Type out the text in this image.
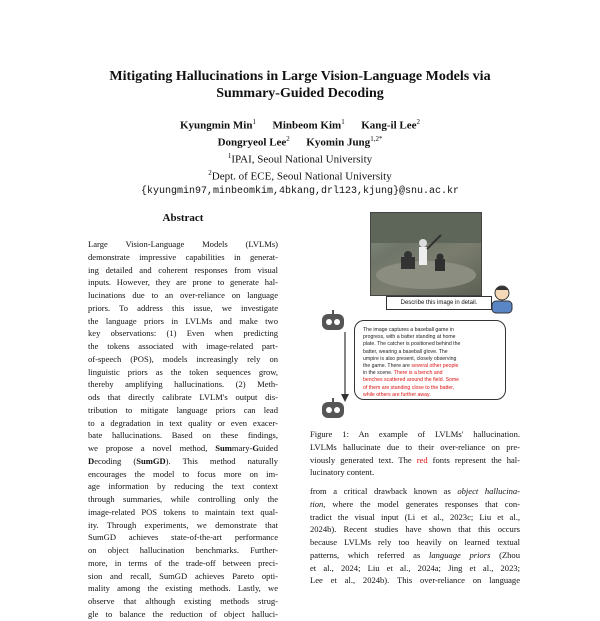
Mitigating Hallucinations in Large Vision-Language Models via
Summary-Guided Decoding
Kyungmin Min$^1$ Minbeom Kim$^1$ Kang-il Lee$^2$
Dongryeol Lee$^2$ Kyomin Jung$^{1,2*}$
$^1$IPAI, Seoul National University
$^2$Dept. of ECE, Seoul National University
{kyungmin97,minbeomkim,4bkang,drl123,kjung}@snu.ac.kr
Abstract
Large Vision-Language Models (LVLMs)
demonstrate impressive capabilities in generat-
ing detailed and coherent responses from visual
inputs. However, they are prone to generate hal-
lucinations due to an over-reliance on language
priors. To address this issue, we investigate
the language priors in LVLMs and make two
key observations: (1) Even when predicting
the tokens associated with image-related part-
of-speech (POS), models increasingly rely on
linguistic priors as the token sequences grow,
thereby amplifying hallucinations. (2) Meth-
ods that directly calibrate LVLM's output dis-
tribution to mitigate language priors can lead
to a degradation in text quality or even exacer-
bate hallucinations. Based on these findings,
we propose a novel method, Summary-Guided
Decoding (SumGD). This method naturally
encourages the model to focus more on im-
age information by reducing the text context
through summaries, while controlling only the
image-related POS tokens to maintain text qual-
ity. Through experiments, we demonstrate that
SumGD achieves state-of-the-art performance
on object hallucination benchmarks. Further-
more, in terms of the trade-off between preci-
sion and recall, SumGD achieves Pareto opti-
mality among the existing methods. Lastly, we
observe that although existing methods strug-
gle to balance the reduction of object halluci-
Describe this image in detail.
The image captures a baseball game in
progress, with a batter standing at home
plate. The catcher is positioned behind the
batter, wearing a baseball glove. The
umpire is also present, closely observing
the game. There are several other people
in the scene. There is a bench and
benches scattered around the field. Some
of them are standing close to the batter,
while others are further away.
Figure 1: An example of LVLMs' hallucination.
LVLMs hallucinate due to their over-reliance on pre-
viously generated text. The red fonts represent the hal-
lucinatory content.
from a critical drawback known as object hallucina-
tion, where the model generates responses that con-
tradict the visual input (Li et al., 2023c; Liu et al.,
2024b). Recent studies have shown that this occurs
because LVLMs rely too heavily on learned textual
patterns, which referred as language priors (Zhou
et al., 2024; Liu et al., 2024a; Jing et al., 2023;
Lee et al., 2024b). This over-reliance on language
